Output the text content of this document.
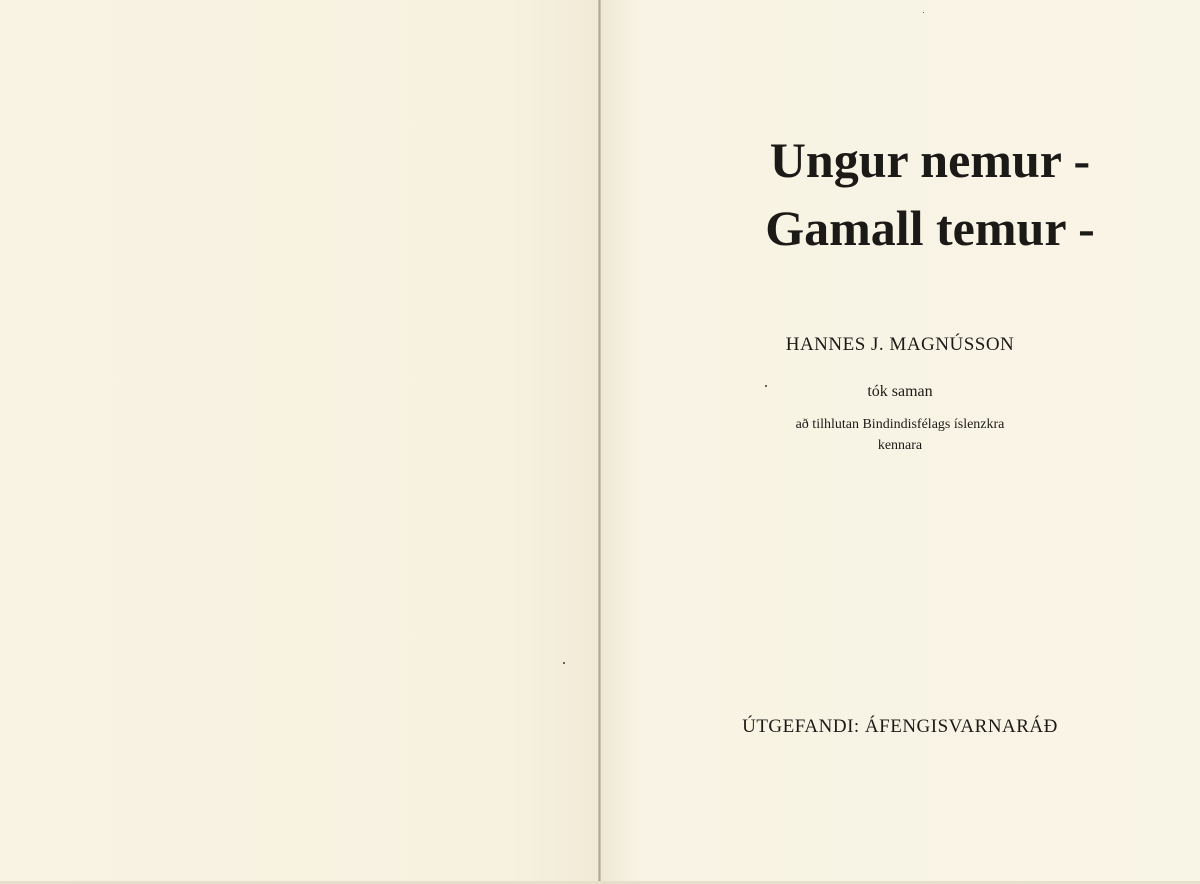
Ungur nemur -
Gamall temur -
HANNES J. MAGNÚSSON
tók saman
að tilhlutan Bindindisfélags íslenzkra
kennara
ÚTGEFANDI: ÁFENGISVARNARÁÐ
